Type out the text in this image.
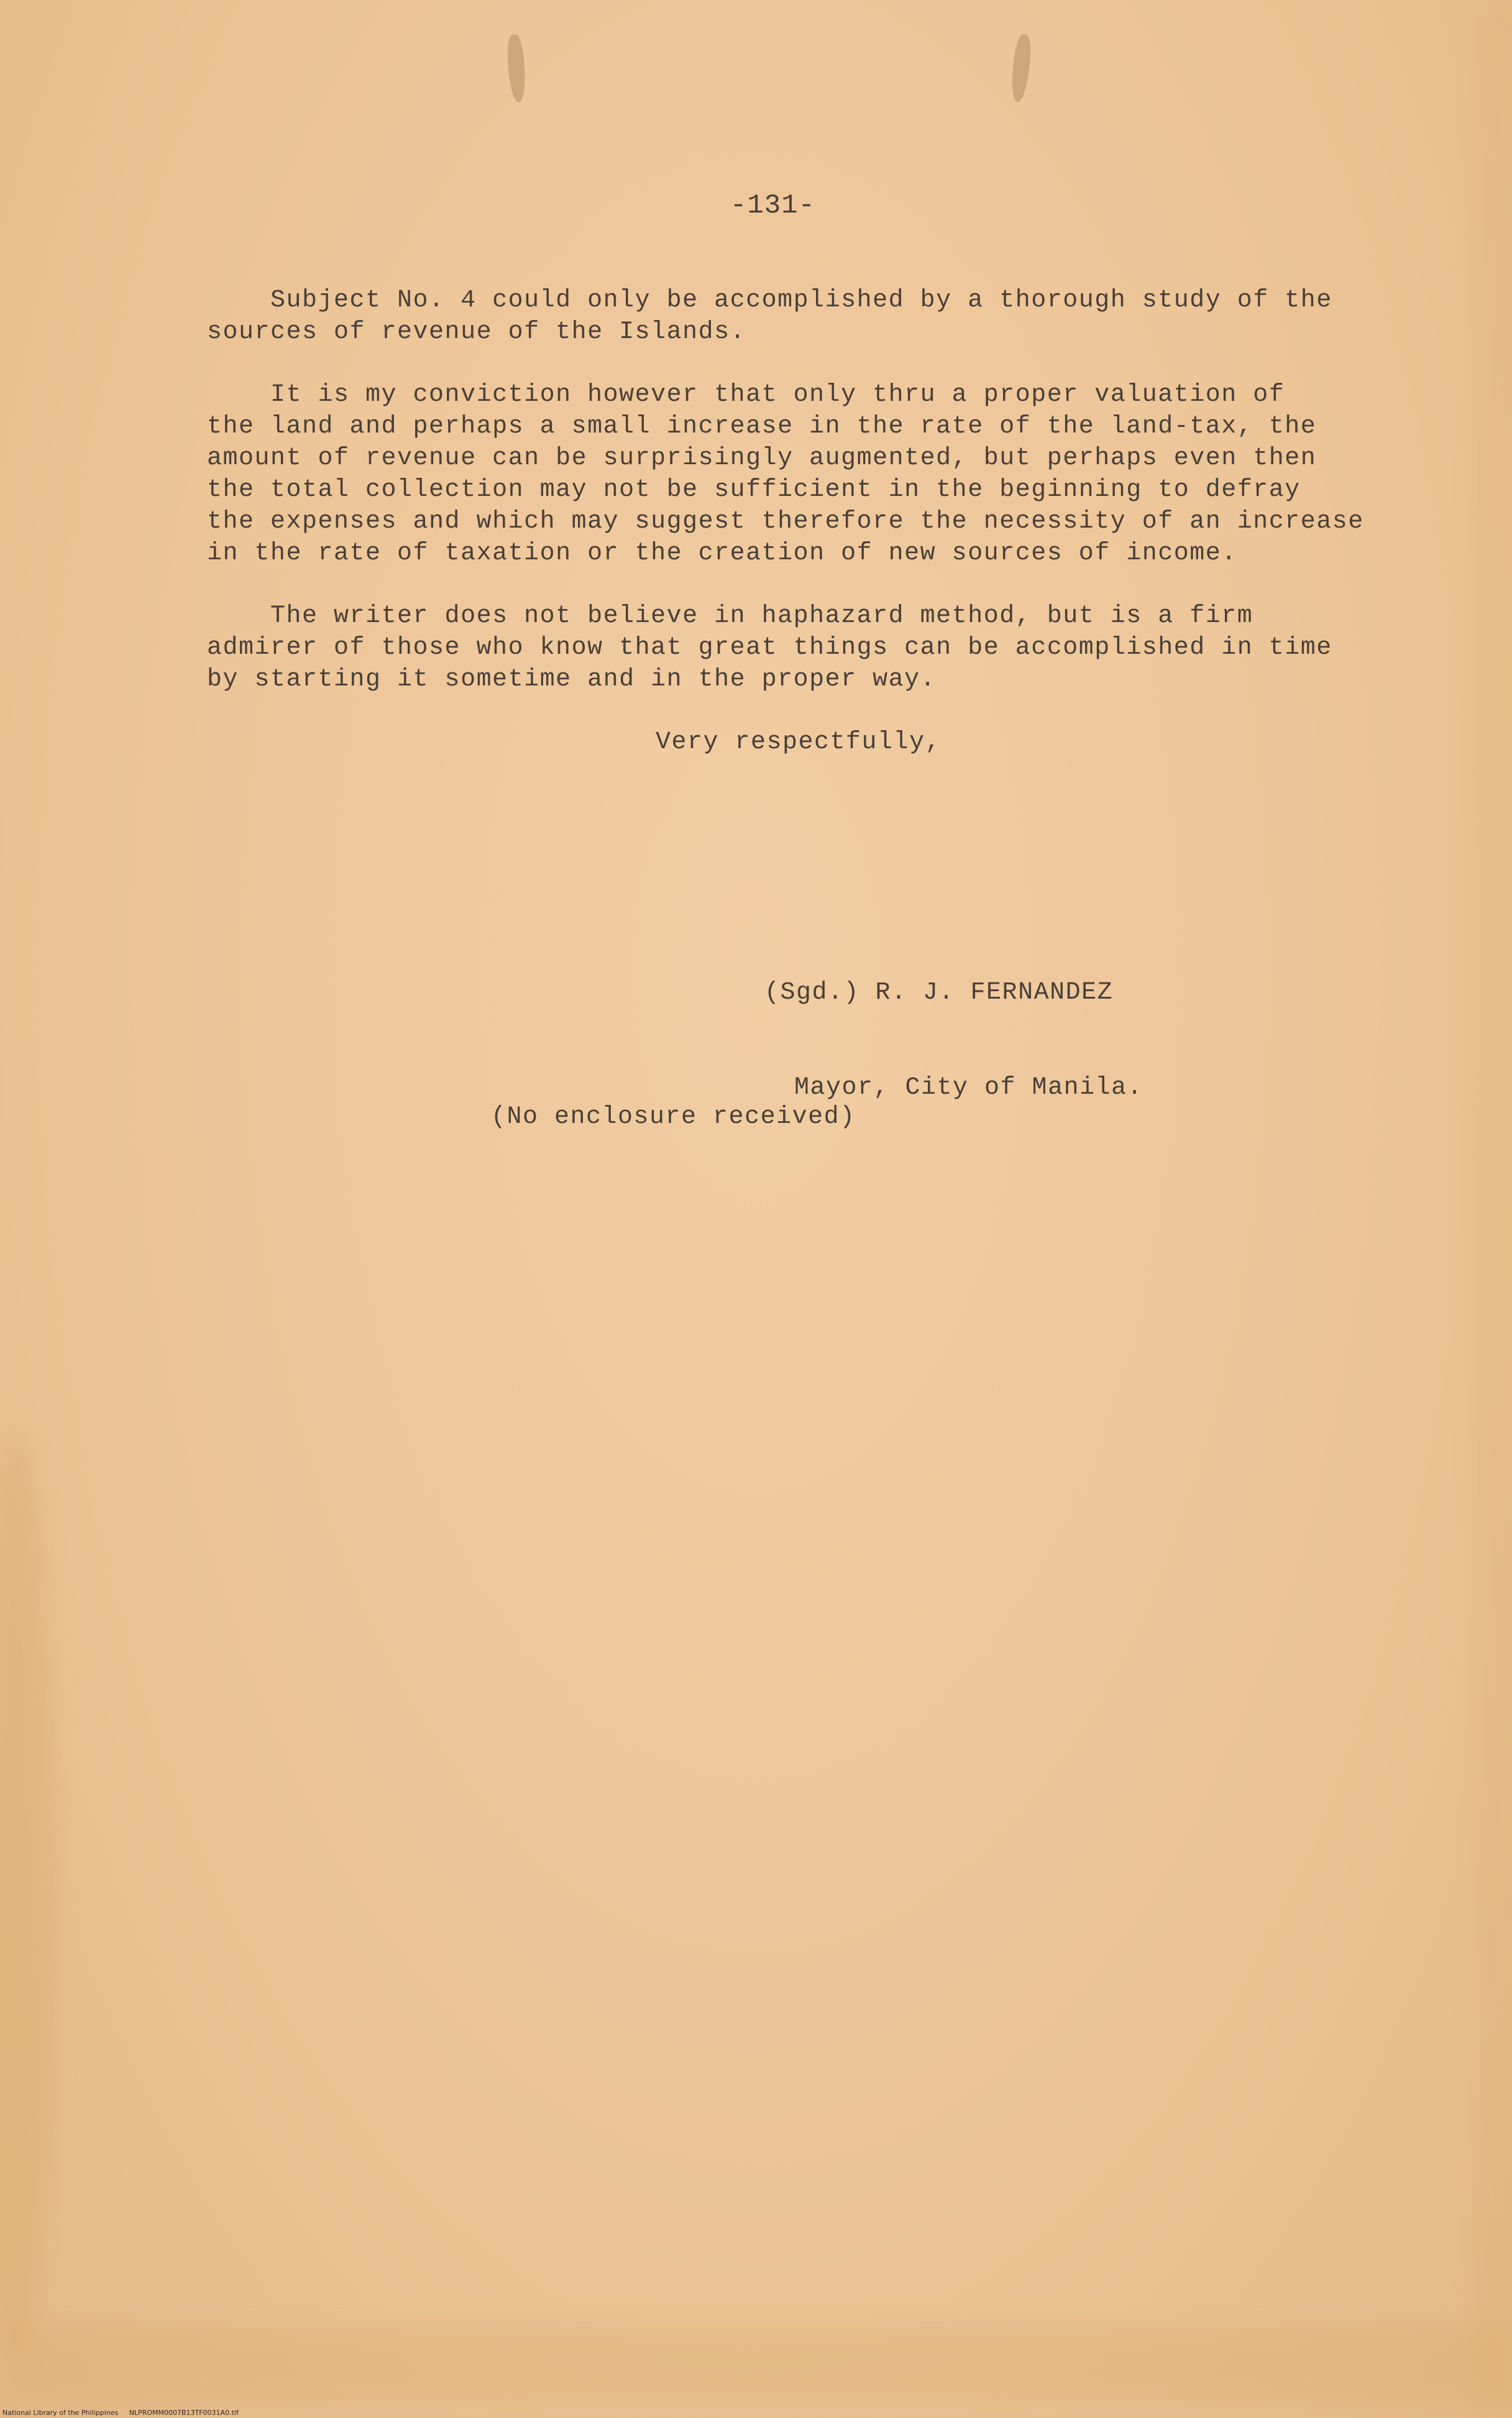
-131-
Subject No. 4 could only be accomplished by a thorough study of the
sources of revenue of the Islands.
It is my conviction however that only thru a proper valuation of
the land and perhaps a small increase in the rate of the land-tax, the
amount of revenue can be surprisingly augmented, but perhaps even then
the total collection may not be sufficient in the beginning to defray
the expenses and which may suggest therefore the necessity of an increase
in the rate of taxation or the creation of new sources of income.
The writer does not believe in haphazard method, but is a firm
admirer of those who know that great things can be accomplished in time
by starting it sometime and in the proper way.
Very respectfully,

(Sgd.) R. J. FERNANDEZ

Mayor, City of Manila.

(No enclosure received)
National Library of the Philippines NLPROMM0007B13TF0031A0.tif
